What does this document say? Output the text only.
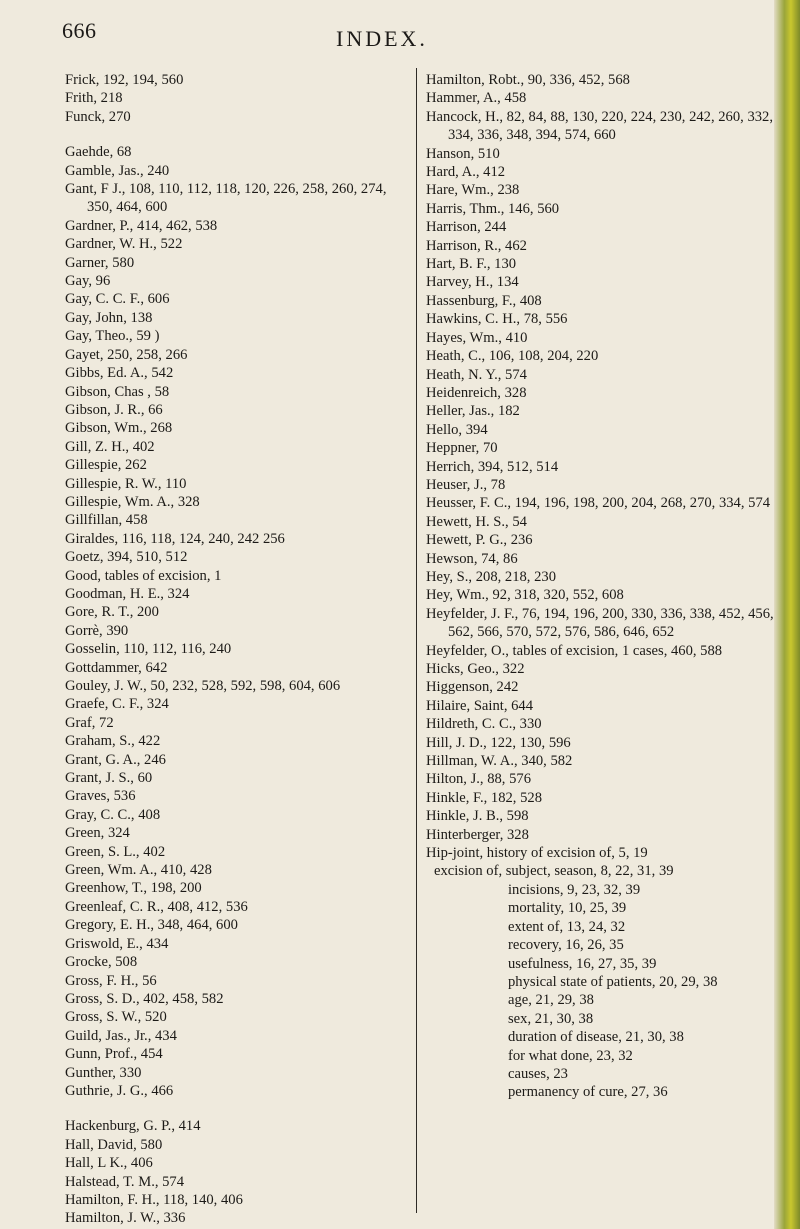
666	INDEX.
Frick, 192, 194, 560
Frith, 218
Funck, 270
Gaehde, 68
Gamble, Jas., 240
Gant, F J., 108, 110, 112, 118, 120, 226, 258, 260, 274, 350, 464, 600
Gardner, P., 414, 462, 538
Gardner, W. H., 522
Garner, 580
Gay, 96
Gay, C. C. F., 606
Gay, John, 138
Gay, Theo., 59 )
Gayet, 250, 258, 266
Gibbs, Ed. A., 542
Gibson, Chas , 58
Gibson, J. R., 66
Gibson, Wm., 268
Gill, Z. H., 402
Gillespie, 262
Gillespie, R. W., 110
Gillespie, Wm. A., 328
Gillfillan, 458
Giraldes, 116, 118, 124, 240, 242 256
Goetz, 394, 510, 512
Good, tables of excision, 1
Goodman, H. E., 324
Gore, R. T., 200
Gorrè, 390
Gosselin, 110, 112, 116, 240
Gottdammer, 642
Gouley, J. W., 50, 232, 528, 592, 598, 604, 606
Graefe, C. F., 324
Graf, 72
Graham, S., 422
Grant, G. A., 246
Grant, J. S., 60
Graves, 536
Gray, C. C., 408
Green, 324
Green, S. L., 402
Green, Wm. A., 410, 428
Greenhow, T., 198, 200
Greenleaf, C. R., 408, 412, 536
Gregory, E. H., 348, 464, 600
Griswold, E., 434
Grocke, 508
Gross, F. H., 56
Gross, S. D., 402, 458, 582
Gross, S. W., 520
Guild, Jas., Jr., 434
Gunn, Prof., 454
Gunther, 330
Guthrie, J. G., 466
Hackenburg, G. P., 414
Hall, David, 580
Hall, L K., 406
Halstead, T. M., 574
Hamilton, F. H., 118, 140, 406
Hamilton, J. W., 336
Hamilton, Robt., 90, 336, 452, 568
Hammer, A., 458
Hancock, H., 82, 84, 88, 130, 220, 224, 230, 242, 260, 332, 334, 336, 348, 394, 574, 660
Hanson, 510
Hard, A., 412
Hare, Wm., 238
Harris, Thm., 146, 560
Harrison, 244
Harrison, R., 462
Hart, B. F., 130
Harvey, H., 134
Hassenburg, F., 408
Hawkins, C. H., 78, 556
Hayes, Wm., 410
Heath, C., 106, 108, 204, 220
Heath, N. Y., 574
Heidenreich, 328
Heller, Jas., 182
Hello, 394
Heppner, 70
Herrich, 394, 512, 514
Heuser, J., 78
Heusser, F. C., 194, 196, 198, 200, 204, 268, 270, 334, 574
Hewett, H. S., 54
Hewett, P. G., 236
Hewson, 74, 86
Hey, S., 208, 218, 230
Hey, Wm., 92, 318, 320, 552, 608
Heyfelder, J. F., 76, 194, 196, 200, 330, 336, 338, 452, 456, 562, 566, 570, 572, 576, 586, 646, 652
Heyfelder, O., tables of excision, 1 cases, 460, 588
Hicks, Geo., 322
Higgenson, 242
Hilaire, Saint, 644
Hildreth, C. C., 330
Hill, J. D., 122, 130, 596
Hillman, W. A., 340, 582
Hilton, J., 88, 576
Hinkle, F., 182, 528
Hinkle, J. B., 598
Hinterberger, 328
Hip-joint, history of excision of, 5, 19
excision of, subject, season, 8, 22, 31, 39
incisions, 9, 23, 32, 39
mortality, 10, 25, 39
extent of, 13, 24, 32
recovery, 16, 26, 35
usefulness, 16, 27, 35, 39
physical state of patients, 20, 29, 38
age, 21, 29, 38
sex, 21, 30, 38
duration of disease, 21, 30, 38
for what done, 23, 32
causes, 23
permanency of cure, 27, 36
